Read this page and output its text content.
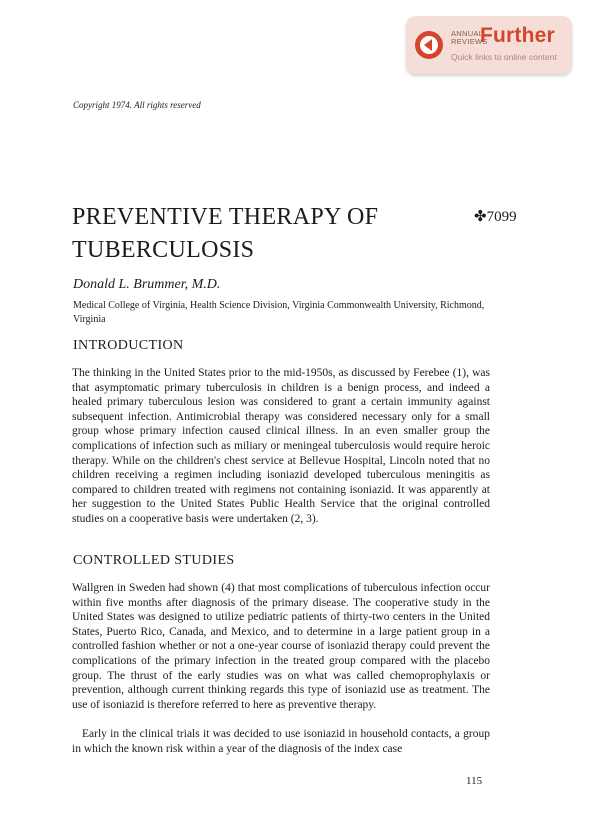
ANNUAL
REVIEWS
Further
Quick links to online content
Copyright 1974. All rights reserved
PREVENTIVE THERAPY OF TUBERCULOSIS
✤7099
Donald L. Brummer, M.D.
Medical College of Virginia, Health Science Division, Virginia Commonwealth University, Richmond, Virginia
INTRODUCTION
The thinking in the United States prior to the mid-1950s, as discussed by Ferebee (1), was that asymptomatic primary tuberculosis in children is a benign process, and indeed a healed primary tuberculous lesion was considered to grant a certain immunity against subsequent infection. Antimicrobial therapy was considered necessary only for a small group whose primary infection caused clinical illness. In an even smaller group the complications of infection such as miliary or meningeal tuberculosis would require heroic therapy. While on the children's chest service at Bellevue Hospital, Lincoln noted that no children receiving a regimen including isoniazid developed tuberculous meningitis as compared to children treated with regimens not containing isoniazid. It was apparently at her suggestion to the United States Public Health Service that the original controlled studies on a cooperative basis were undertaken (2, 3).
CONTROLLED STUDIES
Wallgren in Sweden had shown (4) that most complications of tuberculous infection occur within five months after diagnosis of the primary disease. The cooperative study in the United States was designed to utilize pediatric patients of thirty-two centers in the United States, Puerto Rico, Canada, and Mexico, and to determine in a large patient group in a controlled fashion whether or not a one-year course of isoniazid therapy could prevent the complications of the primary infection in the treated group compared with the placebo group. The thrust of the early studies was on what was called chemoprophylaxis or prevention, although current thinking regards this type of isoniazid use as treatment. The use of isoniazid is therefore referred to here as preventive therapy.
Early in the clinical trials it was decided to use isoniazid in household contacts, a group in which the known risk within a year of the diagnosis of the index case
115
